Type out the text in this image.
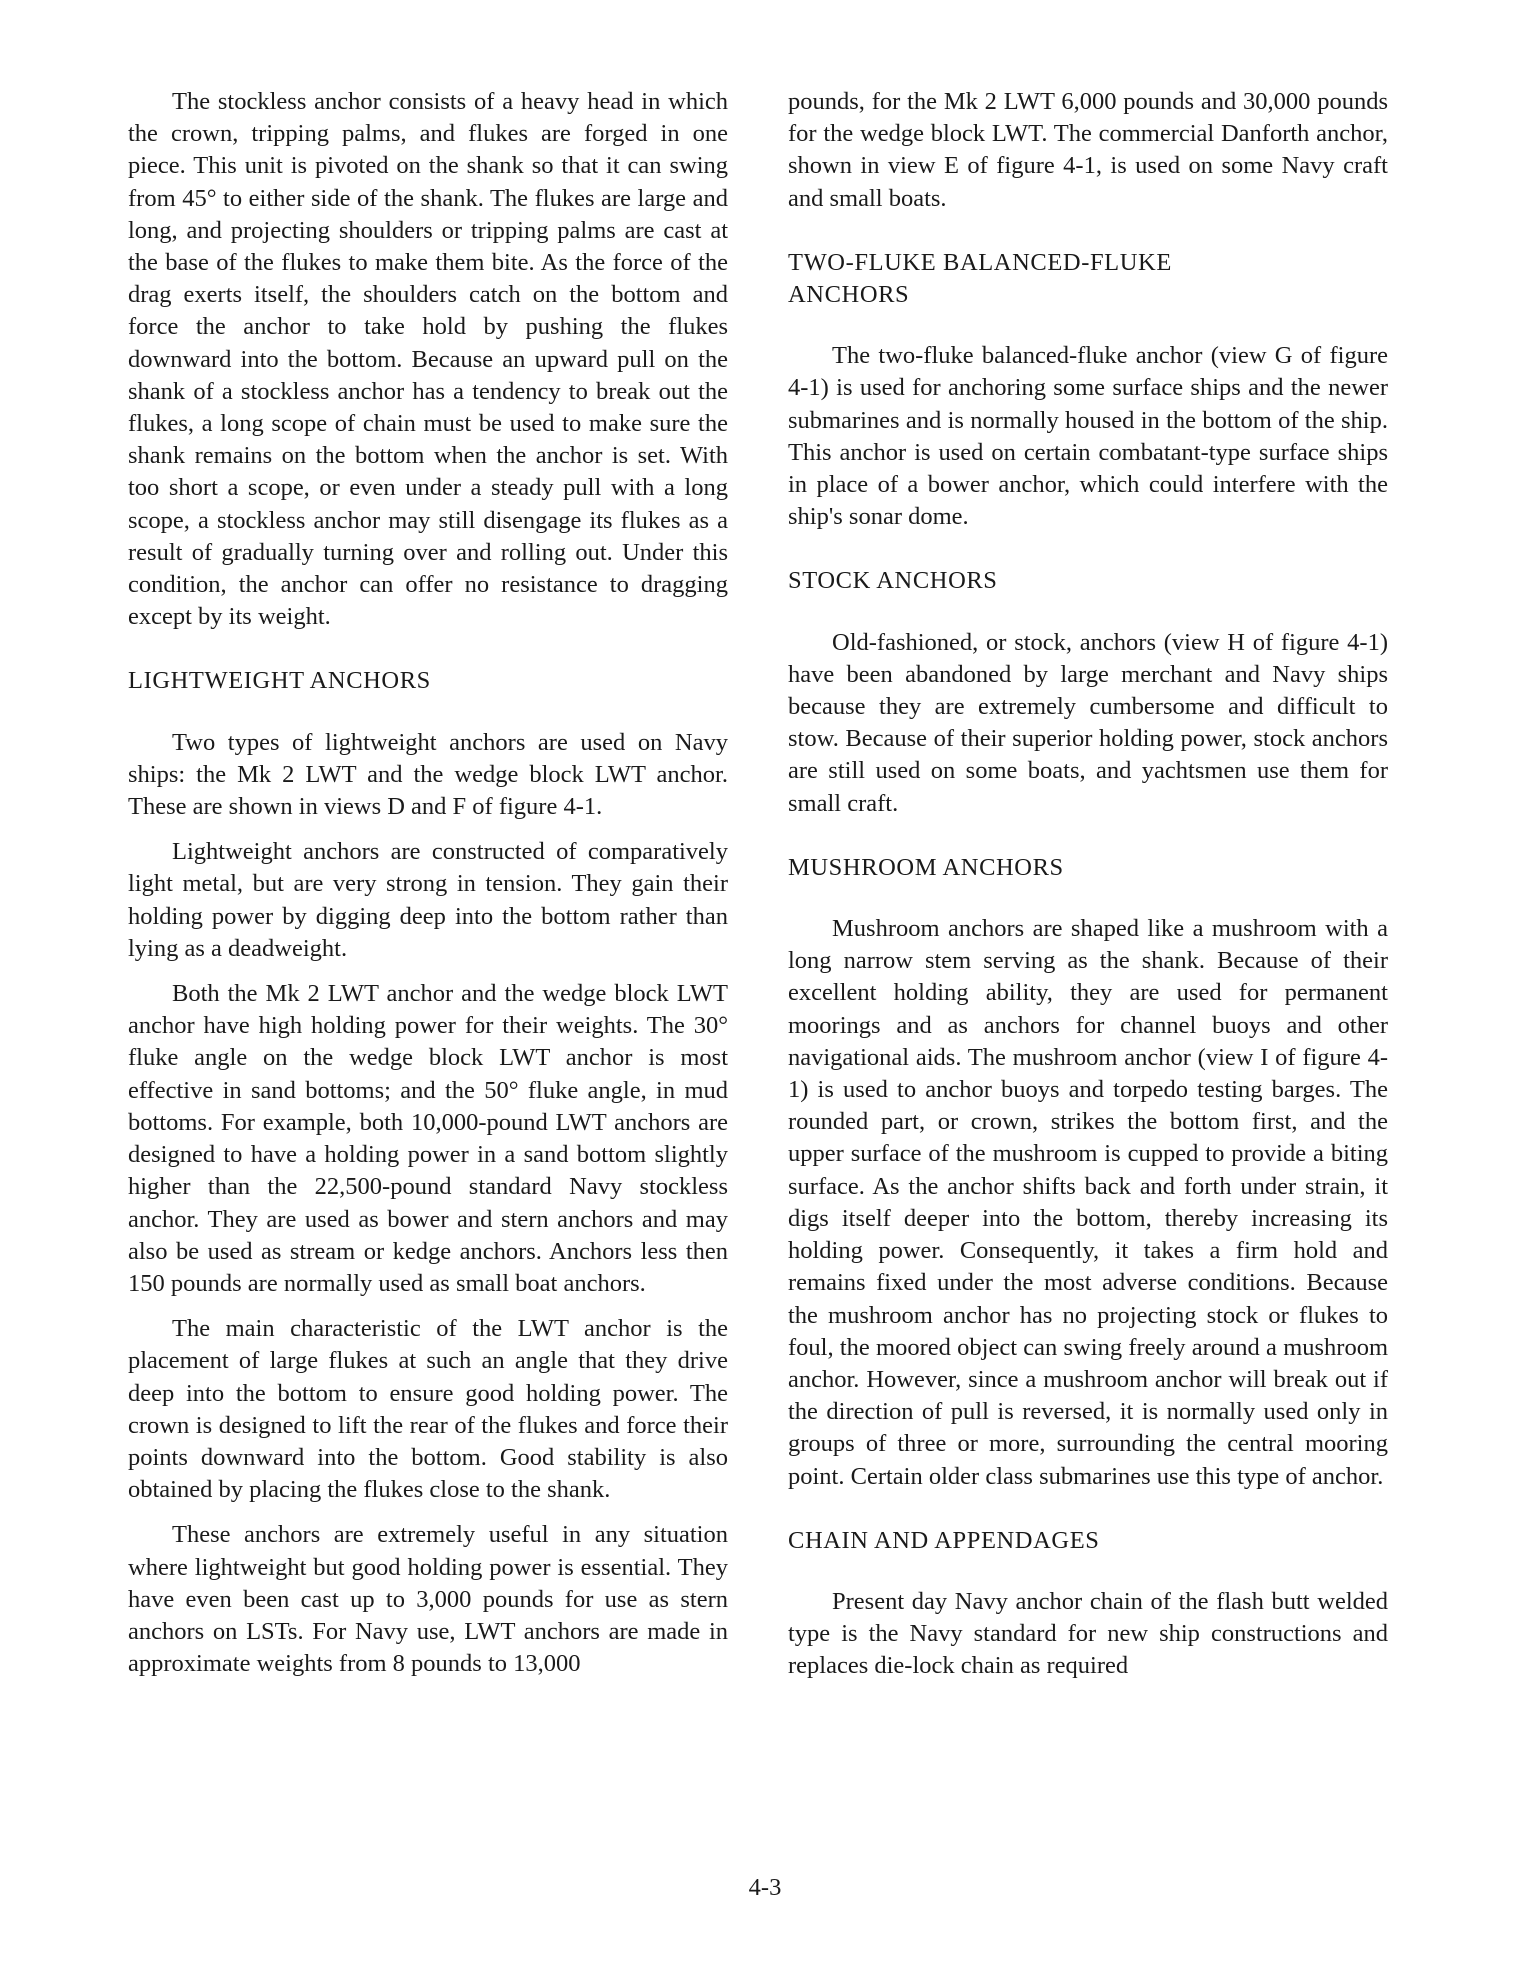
The stockless anchor consists of a heavy head in which the crown, tripping palms, and flukes are forged in one piece. This unit is pivoted on the shank so that it can swing from 45° to either side of the shank. The flukes are large and long, and projecting shoulders or tripping palms are cast at the base of the flukes to make them bite. As the force of the drag exerts itself, the shoulders catch on the bottom and force the anchor to take hold by pushing the flukes downward into the bottom. Because an upward pull on the shank of a stockless anchor has a tendency to break out the flukes, a long scope of chain must be used to make sure the shank remains on the bottom when the anchor is set. With too short a scope, or even under a steady pull with a long scope, a stockless anchor may still disengage its flukes as a result of gradually turning over and rolling out. Under this condition, the anchor can offer no resistance to dragging except by its weight.

LIGHTWEIGHT ANCHORS

Two types of lightweight anchors are used on Navy ships: the Mk 2 LWT and the wedge block LWT anchor. These are shown in views D and F of figure 4-1.

Lightweight anchors are constructed of comparatively light metal, but are very strong in tension. They gain their holding power by digging deep into the bottom rather than lying as a deadweight.

Both the Mk 2 LWT anchor and the wedge block LWT anchor have high holding power for their weights. The 30° fluke angle on the wedge block LWT anchor is most effective in sand bottoms; and the 50° fluke angle, in mud bottoms. For example, both 10,000-pound LWT anchors are designed to have a holding power in a sand bottom slightly higher than the 22,500-pound standard Navy stockless anchor. They are used as bower and stern anchors and may also be used as stream or kedge anchors. Anchors less then 150 pounds are normally used as small boat anchors.

The main characteristic of the LWT anchor is the placement of large flukes at such an angle that they drive deep into the bottom to ensure good holding power. The crown is designed to lift the rear of the flukes and force their points downward into the bottom. Good stability is also obtained by placing the flukes close to the shank.

These anchors are extremely useful in any situation where lightweight but good holding power is essential. They have even been cast up to 3,000 pounds for use as stern anchors on LSTs. For Navy use, LWT anchors are made in approximate weights from 8 pounds to 13,000

pounds, for the Mk 2 LWT 6,000 pounds and 30,000 pounds for the wedge block LWT. The commercial Danforth anchor, shown in view E of figure 4-1, is used on some Navy craft and small boats.

TWO-FLUKE BALANCED-FLUKE
ANCHORS

The two-fluke balanced-fluke anchor (view G of figure 4-1) is used for anchoring some surface ships and the newer submarines and is normally housed in the bottom of the ship. This anchor is used on certain combatant-type surface ships in place of a bower anchor, which could interfere with the ship's sonar dome.

STOCK ANCHORS

Old-fashioned, or stock, anchors (view H of figure 4-1) have been abandoned by large merchant and Navy ships because they are extremely cumbersome and difficult to stow. Because of their superior holding power, stock anchors are still used on some boats, and yachtsmen use them for small craft.

MUSHROOM ANCHORS

Mushroom anchors are shaped like a mushroom with a long narrow stem serving as the shank. Because of their excellent holding ability, they are used for permanent moorings and as anchors for channel buoys and other navigational aids. The mushroom anchor (view I of figure 4-1) is used to anchor buoys and torpedo testing barges. The rounded part, or crown, strikes the bottom first, and the upper surface of the mushroom is cupped to provide a biting surface. As the anchor shifts back and forth under strain, it digs itself deeper into the bottom, thereby increasing its holding power. Consequently, it takes a firm hold and remains fixed under the most adverse conditions. Because the mushroom anchor has no projecting stock or flukes to foul, the moored object can swing freely around a mushroom anchor. However, since a mushroom anchor will break out if the direction of pull is reversed, it is normally used only in groups of three or more, surrounding the central mooring point. Certain older class submarines use this type of anchor.

CHAIN AND APPENDAGES

Present day Navy anchor chain of the flash butt welded type is the Navy standard for new ship constructions and replaces die-lock chain as required

4-3
